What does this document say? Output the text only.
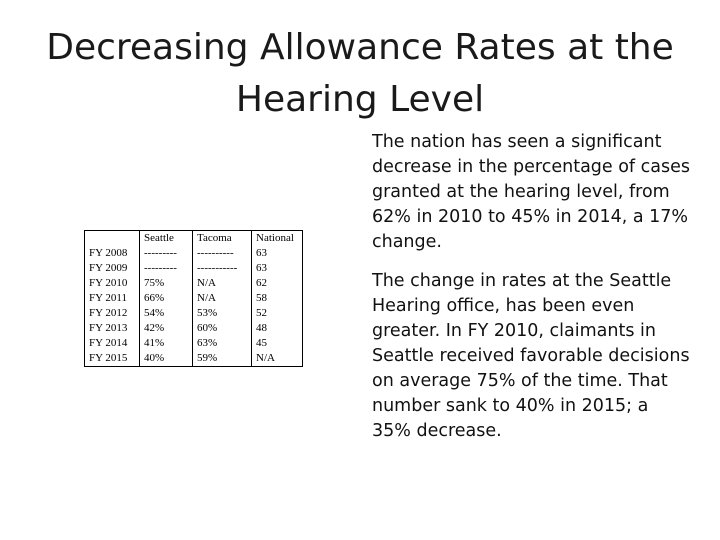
Decreasing Allowance Rates at the
Hearing Level
	Seattle	Tacoma	National
FY 2008	---------	----------	63
FY 2009	---------	-----------	63
FY 2010	75%	N/A	62
FY 2011	66%	N/A	58
FY 2012	54%	53%	52
FY 2013	42%	60%	48
FY 2014	41%	63%	45
FY 2015	40%	59%	N/A

The nation has seen a significant decrease in the percentage of cases granted at the hearing level, from 62% in 2010 to 45% in 2014, a 17% change.

The change in rates at the Seattle Hearing office, has been even greater. In FY 2010, claimants in Seattle received favorable decisions on average 75% of the time. That number sank to 40% in 2015; a 35% decrease.
